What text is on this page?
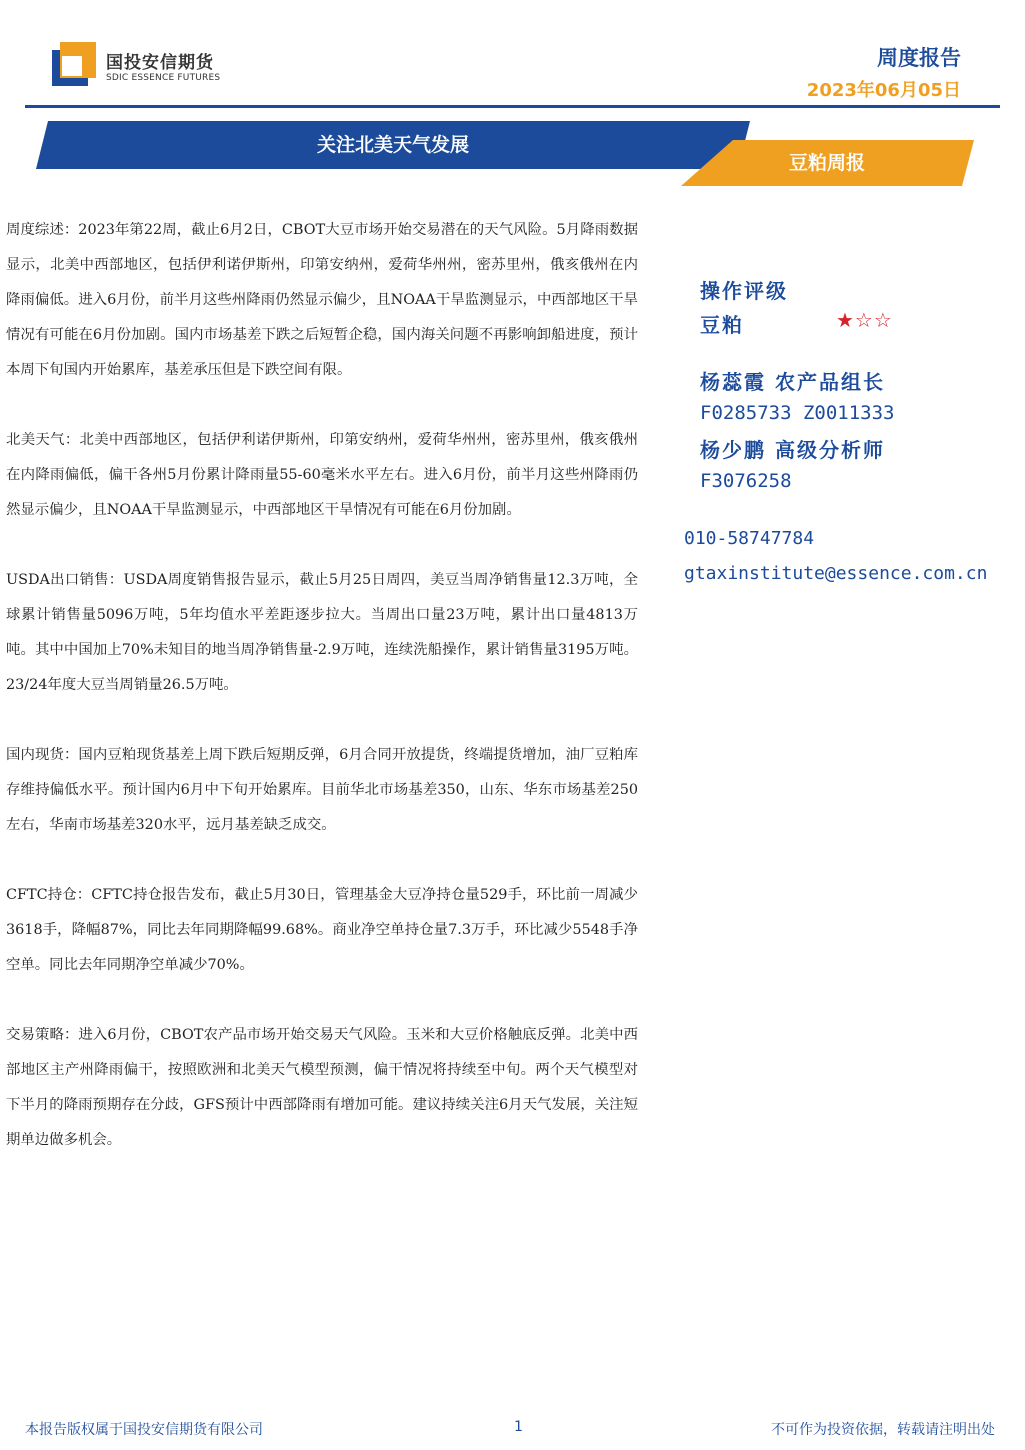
国投安信期货
SDIC ESSENCE FUTURES
周度报告
2023年06月05日
关注北美天气发展
豆粕周报

周度综述：2023年第22周，截止6月2日，CBOT大豆市场开始交易潜在的天气风险。5月降雨数据显示，北美中西部地区，包括伊利诺伊斯州，印第安纳州，爱荷华州州，密苏里州，俄亥俄州在内降雨偏低。进入6月份，前半月这些州降雨仍然显示偏少，且NOAA干旱监测显示，中西部地区干旱情况有可能在6月份加剧。国内市场基差下跌之后短暂企稳，国内海关问题不再影响卸船进度，预计本周下旬国内开始累库，基差承压但是下跌空间有限。

北美天气：北美中西部地区，包括伊利诺伊斯州，印第安纳州，爱荷华州州，密苏里州，俄亥俄州在内降雨偏低，偏干各州5月份累计降雨量55-60毫米水平左右。进入6月份，前半月这些州降雨仍然显示偏少，且NOAA干旱监测显示，中西部地区干旱情况有可能在6月份加剧。

USDA出口销售：USDA周度销售报告显示，截止5月25日周四，美豆当周净销售量12.3万吨，全球累计销售量5096万吨，5年均值水平差距逐步拉大。当周出口量23万吨，累计出口量4813万吨。其中中国加上70%未知目的地当周净销售量-2.9万吨，连续洗船操作，累计销售量3195万吨。23/24年度大豆当周销量26.5万吨。

国内现货：国内豆粕现货基差上周下跌后短期反弹，6月合同开放提货，终端提货增加，油厂豆粕库存维持偏低水平。预计国内6月中下旬开始累库。目前华北市场基差350，山东、华东市场基差250左右，华南市场基差320水平，远月基差缺乏成交。

CFTC持仓：CFTC持仓报告发布，截止5月30日，管理基金大豆净持仓量529手，环比前一周减少3618手，降幅87%，同比去年同期降幅99.68%。商业净空单持仓量7.3万手，环比减少5548手净空单。同比去年同期净空单减少70%。

交易策略：进入6月份，CBOT农产品市场开始交易天气风险。玉米和大豆价格触底反弹。北美中西部地区主产州降雨偏干，按照欧洲和北美天气模型预测，偏干情况将持续至中旬。两个天气模型对下半月的降雨预期存在分歧，GFS预计中西部降雨有增加可能。建议持续关注6月天气发展，关注短期单边做多机会。

操作评级
豆粕	★☆☆
杨蕊霞 农产品组长
F0285733 Z0011333
杨少鹏 高级分析师
F3076258
010-58747784
gtaxinstitute@essence.com.cn
本报告版权属于国投安信期货有限公司	1	不可作为投资依据，转载请注明出处
